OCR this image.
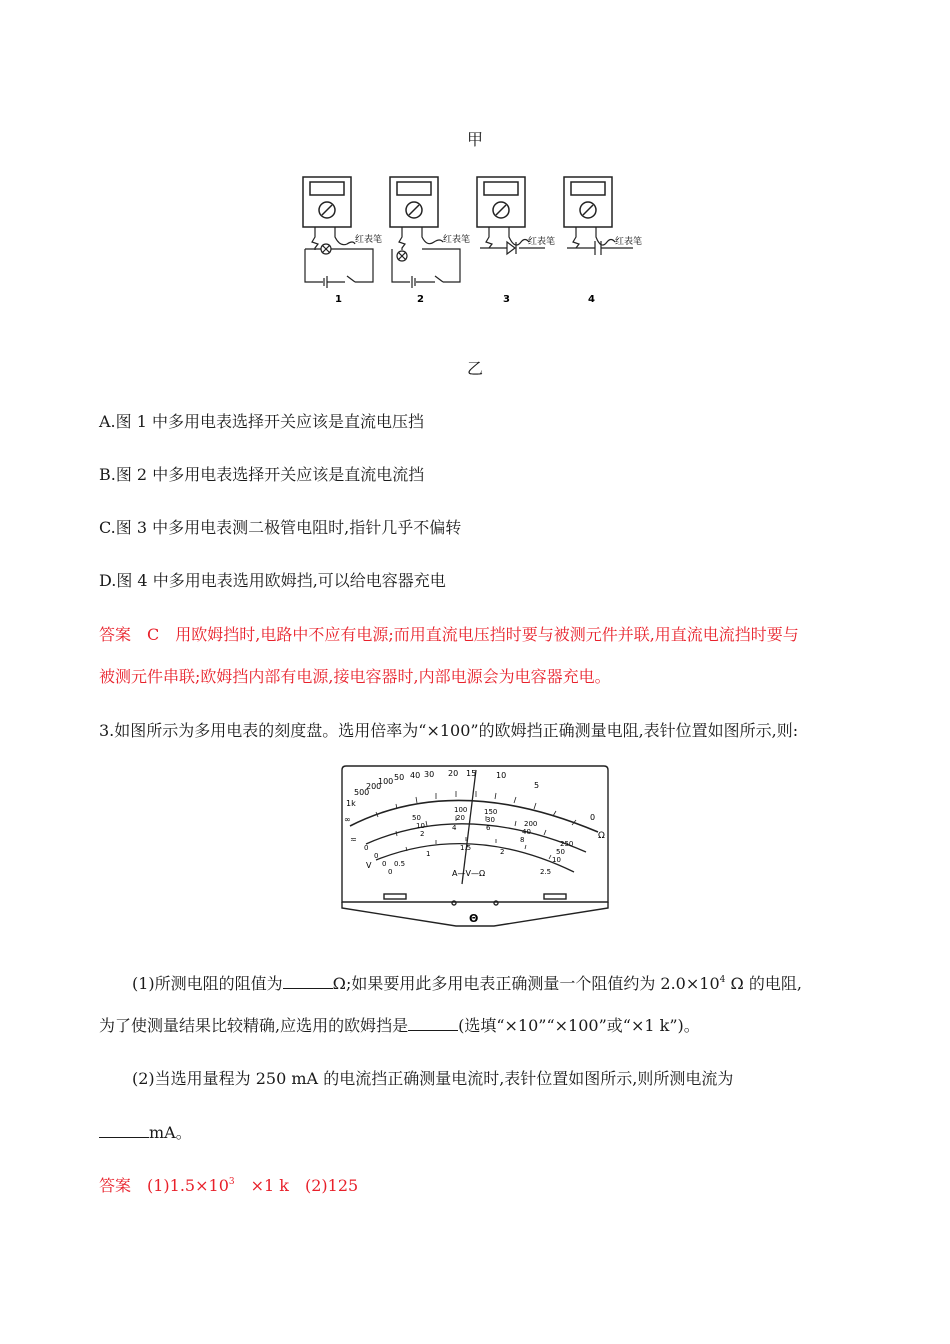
甲
红表笔	红表笔	红表笔	红表笔
1	2	3	4
乙
A.图 1 中多用电表选择开关应该是直流电压挡
B.图 2 中多用电表选择开关应该是直流电流挡
C.图 3 中多用电表测二极管电阻时,指针几乎不偏转
D.图 4 中多用电表选用欧姆挡,可以给电容器充电
答案　C　用欧姆挡时,电路中不应有电源;而用直流电压挡时要与被测元件并联,用直流电流挡时要与
被测元件串联;欧姆挡内部有电源,接电容器时,内部电源会为电容器充电。
3.如图所示为多用电表的刻度盘。选用倍率为“×100”的欧姆挡正确测量电阻,表针位置如图所示,则:
∞
1k
500
200
100 50 40 30 20 15 10
5
0
Ω
0
50
100 150
200
250
0
10
20	30
40
50
0
2
4	6
8
10
0
0.5
1
1.5	2
2.5
V
≂
A—V—Ω
Θ
(1)所测电阻的阻值为	Ω;如果要用此多用电表正确测量一个阻值约为 $2.0\times 10^4$ Ω 的电阻,
为了使测量结果比较精确,应选用的欧姆挡是	(选填“×10”“×100”或“×1 k”)。
(2)当选用量程为 250 mA 的电流挡正确测量电流时,表针位置如图所示,则所测电流为
mA。
答案　$(1)1.5\times 10^3$　×1 k　(2)125
